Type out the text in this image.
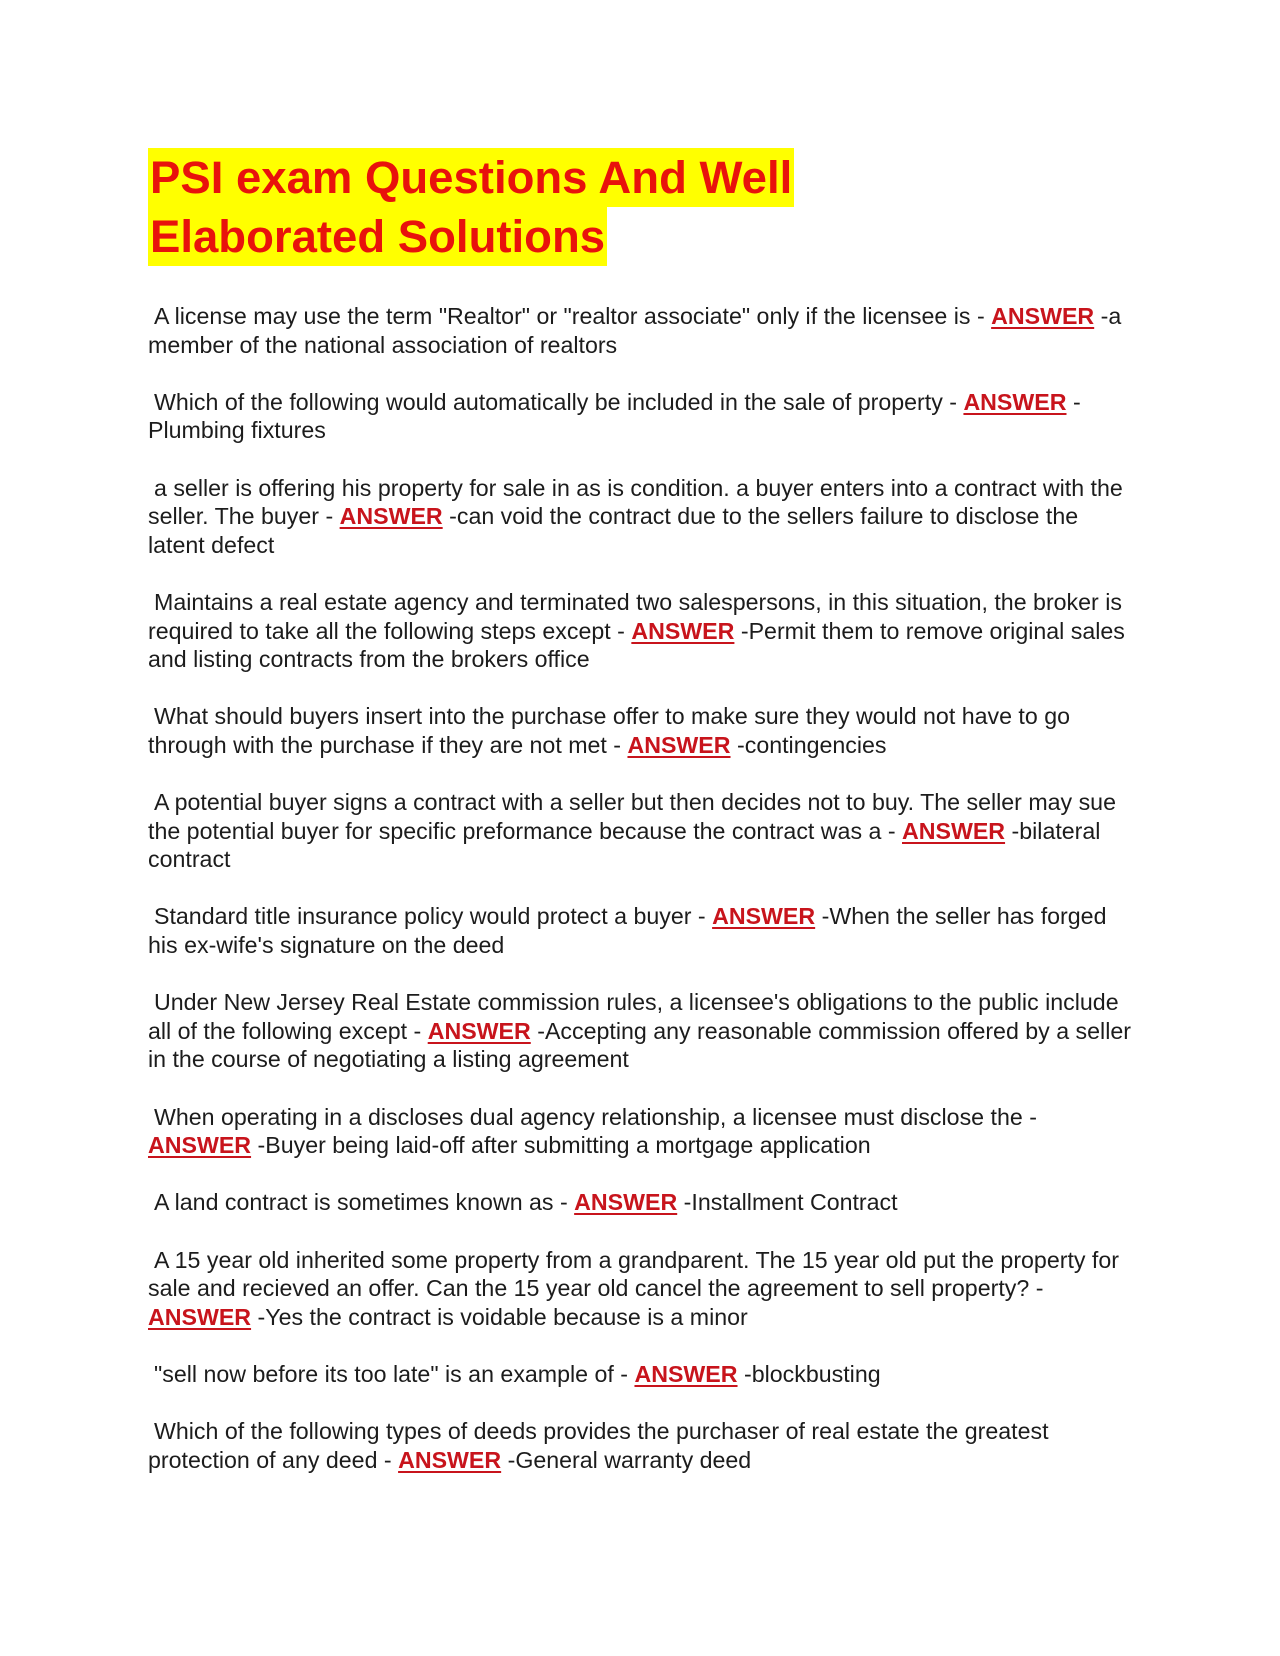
PSI exam Questions And Well
Elaborated Solutions

A license may use the term "Realtor" or "realtor associate" only if the licensee is - ANSWER -a member of the national association of realtors

Which of the following would automatically be included in the sale of property - ANSWER -Plumbing fixtures

a seller is offering his property for sale in as is condition. a buyer enters into a contract with the seller. The buyer - ANSWER -can void the contract due to the sellers failure to disclose the latent defect

Maintains a real estate agency and terminated two salespersons, in this situation, the broker is required to take all the following steps except - ANSWER -Permit them to remove original sales and listing contracts from the brokers office

What should buyers insert into the purchase offer to make sure they would not have to go through with the purchase if they are not met - ANSWER -contingencies

A potential buyer signs a contract with a seller but then decides not to buy. The seller may sue the potential buyer for specific preformance because the contract was a - ANSWER -bilateral contract

Standard title insurance policy would protect a buyer - ANSWER -When the seller has forged his ex-wife's signature on the deed

Under New Jersey Real Estate commission rules, a licensee's obligations to the public include all of the following except - ANSWER -Accepting any reasonable commission offered by a seller in the course of negotiating a listing agreement

When operating in a discloses dual agency relationship, a licensee must disclose the - ANSWER -Buyer being laid-off after submitting a mortgage application

A land contract is sometimes known as - ANSWER -Installment Contract

A 15 year old inherited some property from a grandparent. The 15 year old put the property for sale and recieved an offer. Can the 15 year old cancel the agreement to sell property? - ANSWER -Yes the contract is voidable because is a minor

"sell now before its too late" is an example of - ANSWER -blockbusting

Which of the following types of deeds provides the purchaser of real estate the greatest protection of any deed - ANSWER -General warranty deed
